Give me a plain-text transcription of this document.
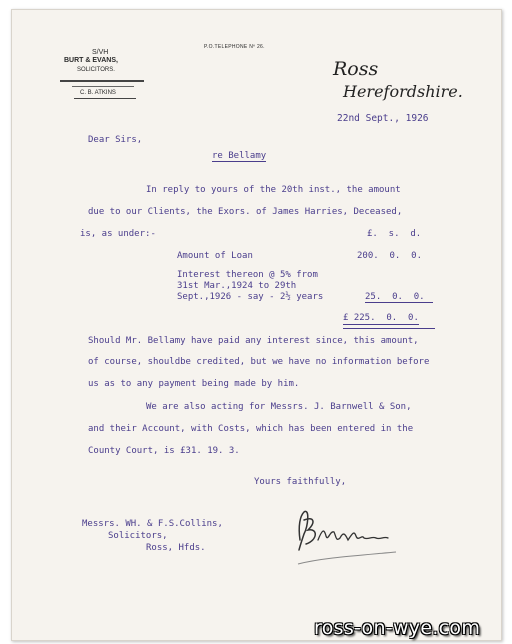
S/VH
BURT & EVANS,
SOLICITORS.
C. B. ATKINS
P.O.TELEPHONE Nº 26.
Ross
Herefordshire.
22nd Sept., 1926
Dear Sirs,
re Bellamy
In reply to yours of the 20th inst., the amount
due to our Clients, the Exors. of James Harries, Deceased,
is, as under:-	£.  s.  d.
Amount of Loan	200.  0.  0.
Interest thereon @ 5% from
31st Mar.,1924 to 29th
Sept.,1926 - say - 2½ years	25.  0.  0.
£ 225.  0.  0.
Should Mr. Bellamy have paid any interest since, this amount,
of course, shouldbe credited, but we have no information before
us as to any payment being made by him.
We are also acting for Messrs. J. Barnwell & Son,
and their Account, with Costs, which has been entered in the
County Court, is £31. 19. 3.
Yours faithfully,
Messrs. WH. & F.S.Collins,
Solicitors,
Ross, Hfds.
ross-on-wye.com
